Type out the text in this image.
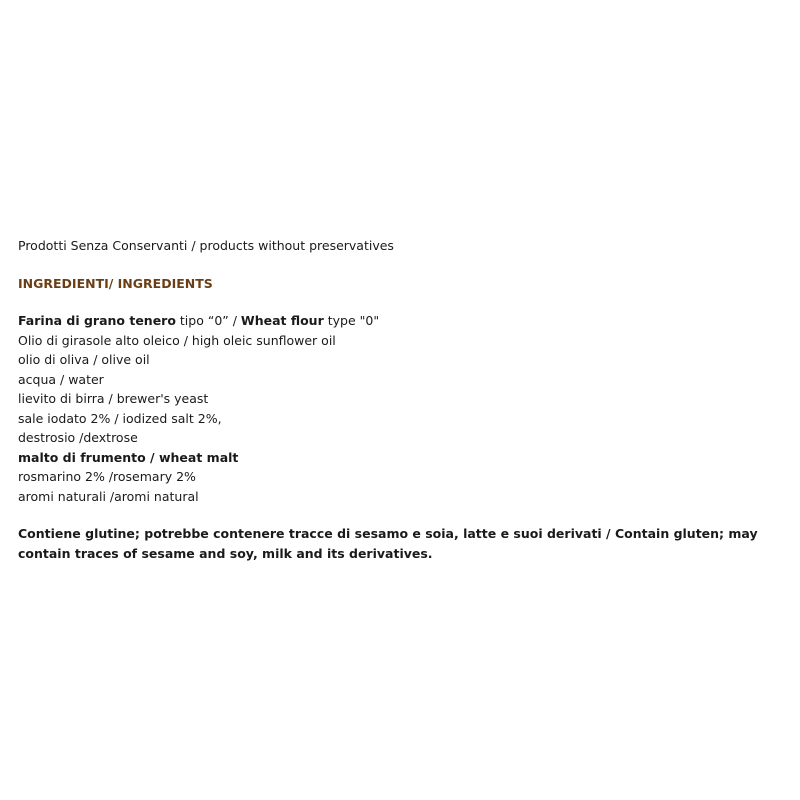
Prodotti Senza Conservanti / products without preservatives
INGREDIENTI/ INGREDIENTS
Farina di grano tenero tipo “0” / Wheat flour type "0"
Olio di girasole alto oleico / high oleic sunflower oil
olio di oliva / olive oil
acqua / water
lievito di birra / brewer's yeast
sale iodato 2% / iodized salt 2%,
destrosio /dextrose
malto di frumento / wheat malt
rosmarino 2% /rosemary 2%
aromi naturali /aromi natural
Contiene glutine; potrebbe contenere tracce di sesamo e soia, latte e suoi derivati / Contain gluten; may
contain traces of sesame and soy, milk and its derivatives.
